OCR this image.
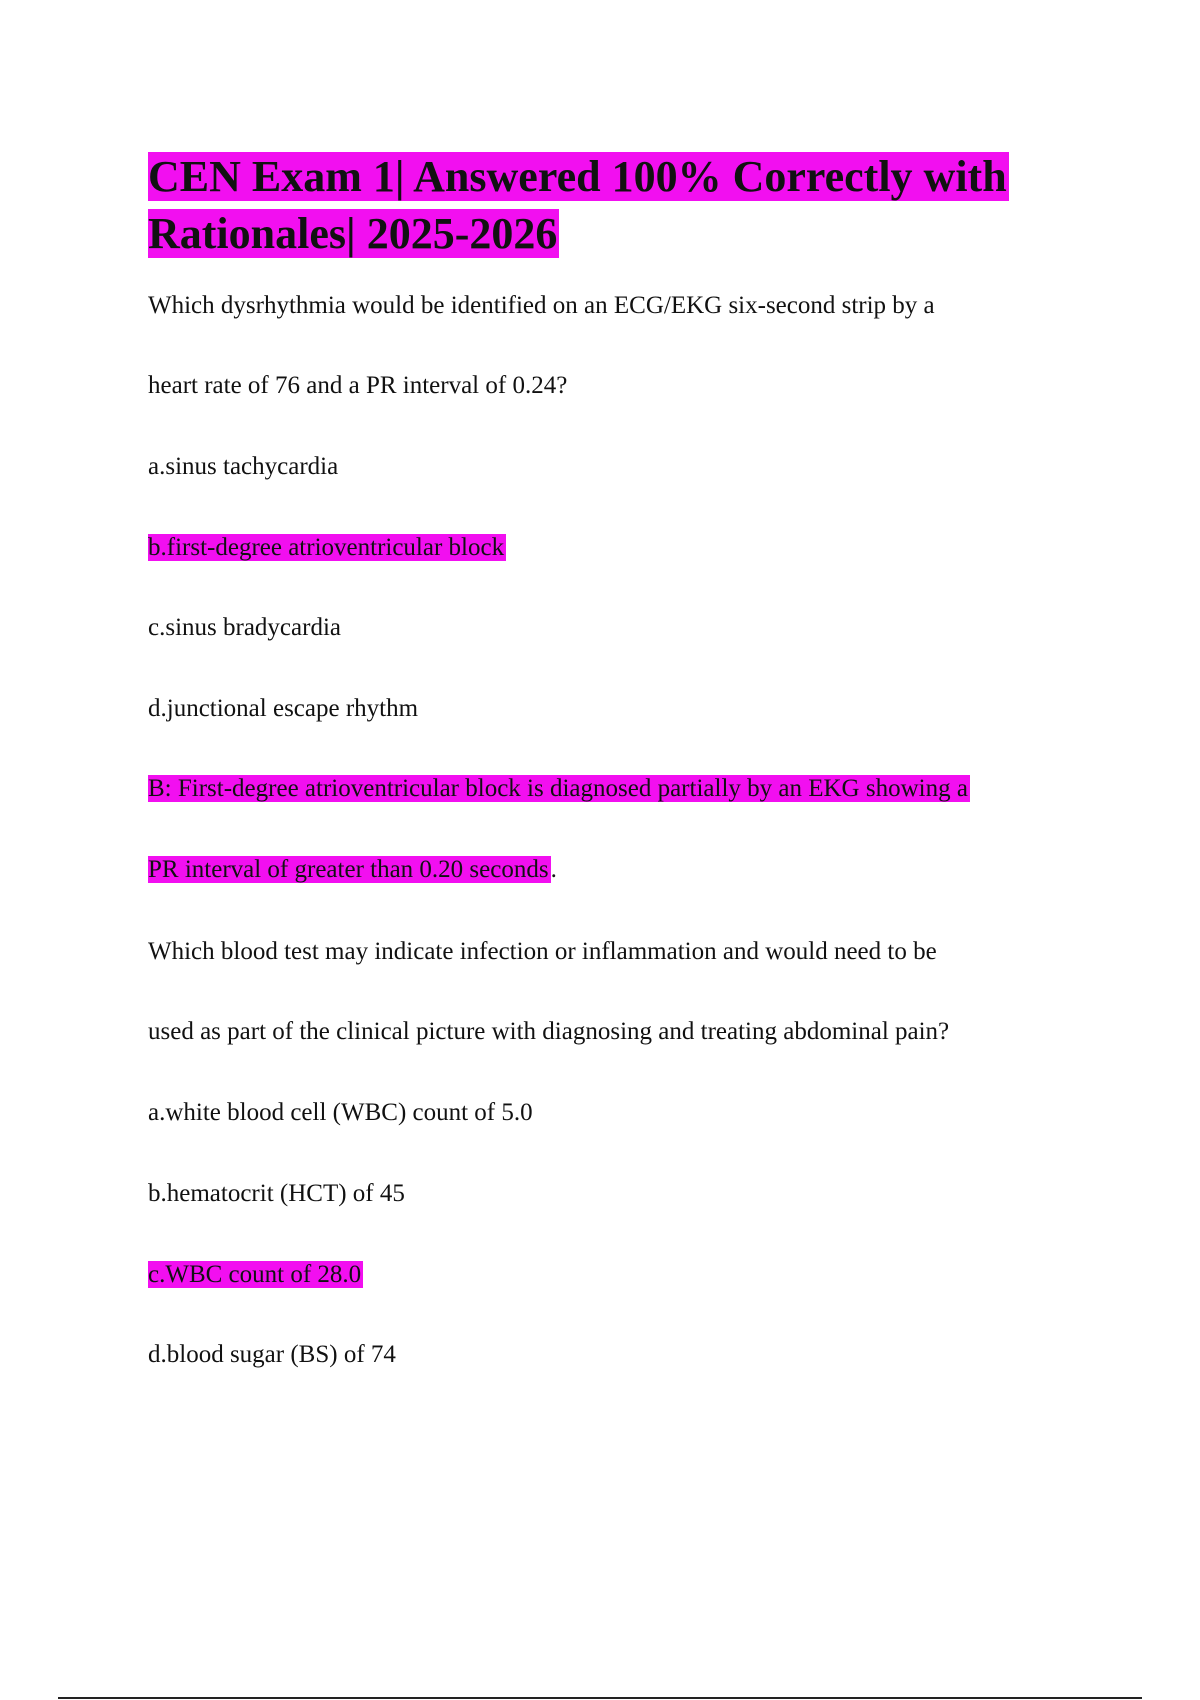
CEN Exam 1| Answered 100% Correctly with Rationales| 2025-2026

Which dysrhythmia would be identified on an ECG/EKG six-second strip by a

heart rate of 76 and a PR interval of 0.24?

a.sinus tachycardia

b.first-degree atrioventricular block

c.sinus bradycardia

d.junctional escape rhythm

B: First-degree atrioventricular block is diagnosed partially by an EKG showing a

PR interval of greater than 0.20 seconds.

Which blood test may indicate infection or inflammation and would need to be

used as part of the clinical picture with diagnosing and treating abdominal pain?

a.white blood cell (WBC) count of 5.0

b.hematocrit (HCT) of 45

c.WBC count of 28.0

d.blood sugar (BS) of 74
